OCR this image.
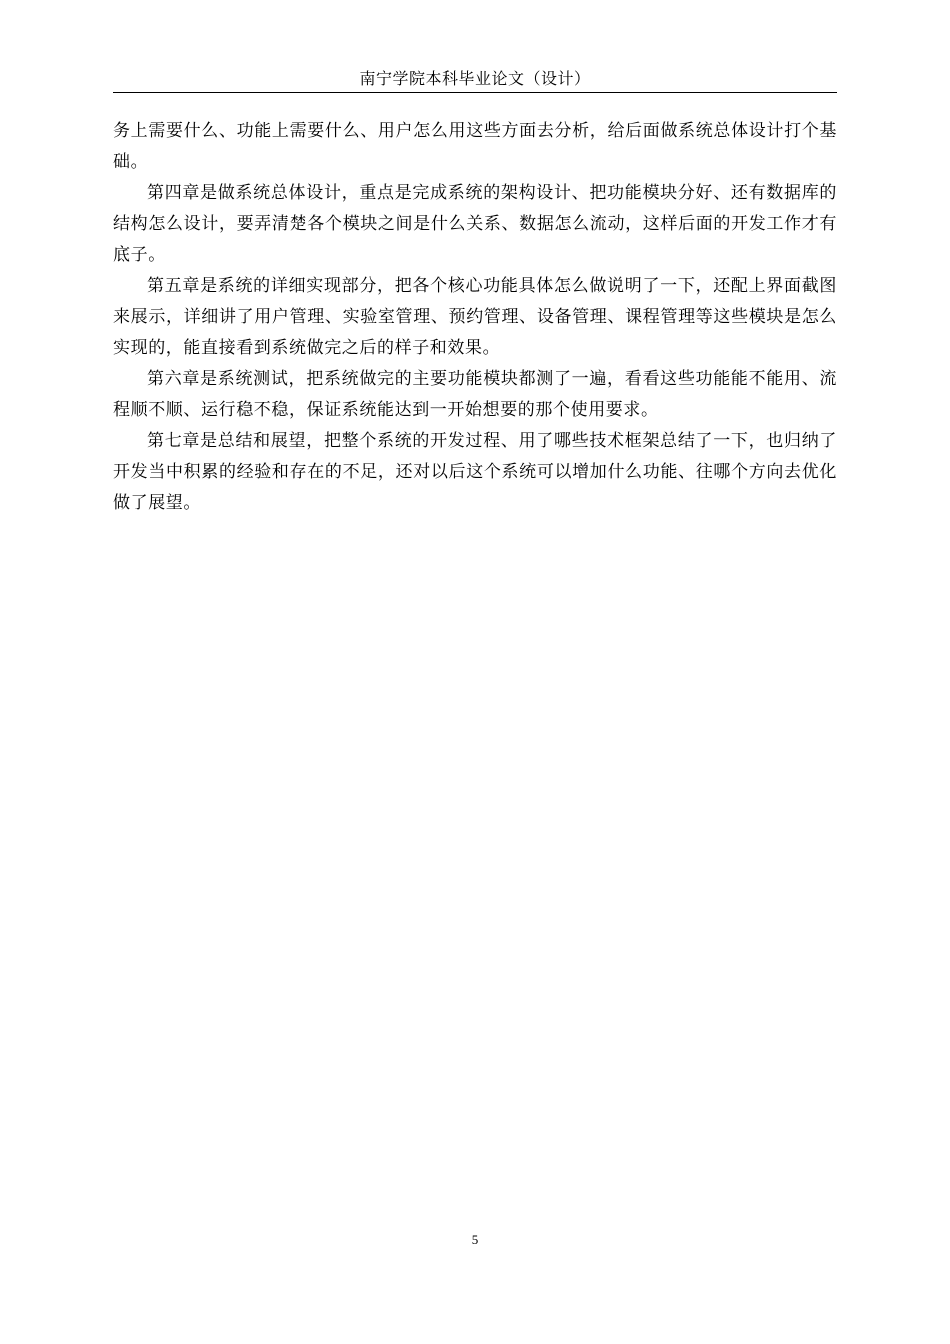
南宁学院本科毕业论文（设计）

务上需要什么、功能上需要什么、用户怎么用这些方面去分析，给后面做系统总体设计打个基础。

第四章是做系统总体设计，重点是完成系统的架构设计、把功能模块分好、还有数据库的结构怎么设计，要弄清楚各个模块之间是什么关系、数据怎么流动，这样后面的开发工作才有底子。

第五章是系统的详细实现部分，把各个核心功能具体怎么做说明了一下，还配上界面截图来展示，详细讲了用户管理、实验室管理、预约管理、设备管理、课程管理等这些模块是怎么实现的，能直接看到系统做完之后的样子和效果。

第六章是系统测试，把系统做完的主要功能模块都测了一遍，看看这些功能能不能用、流程顺不顺、运行稳不稳，保证系统能达到一开始想要的那个使用要求。

第七章是总结和展望，把整个系统的开发过程、用了哪些技术框架总结了一下，也归纳了开发当中积累的经验和存在的不足，还对以后这个系统可以增加什么功能、往哪个方向去优化做了展望。

5
